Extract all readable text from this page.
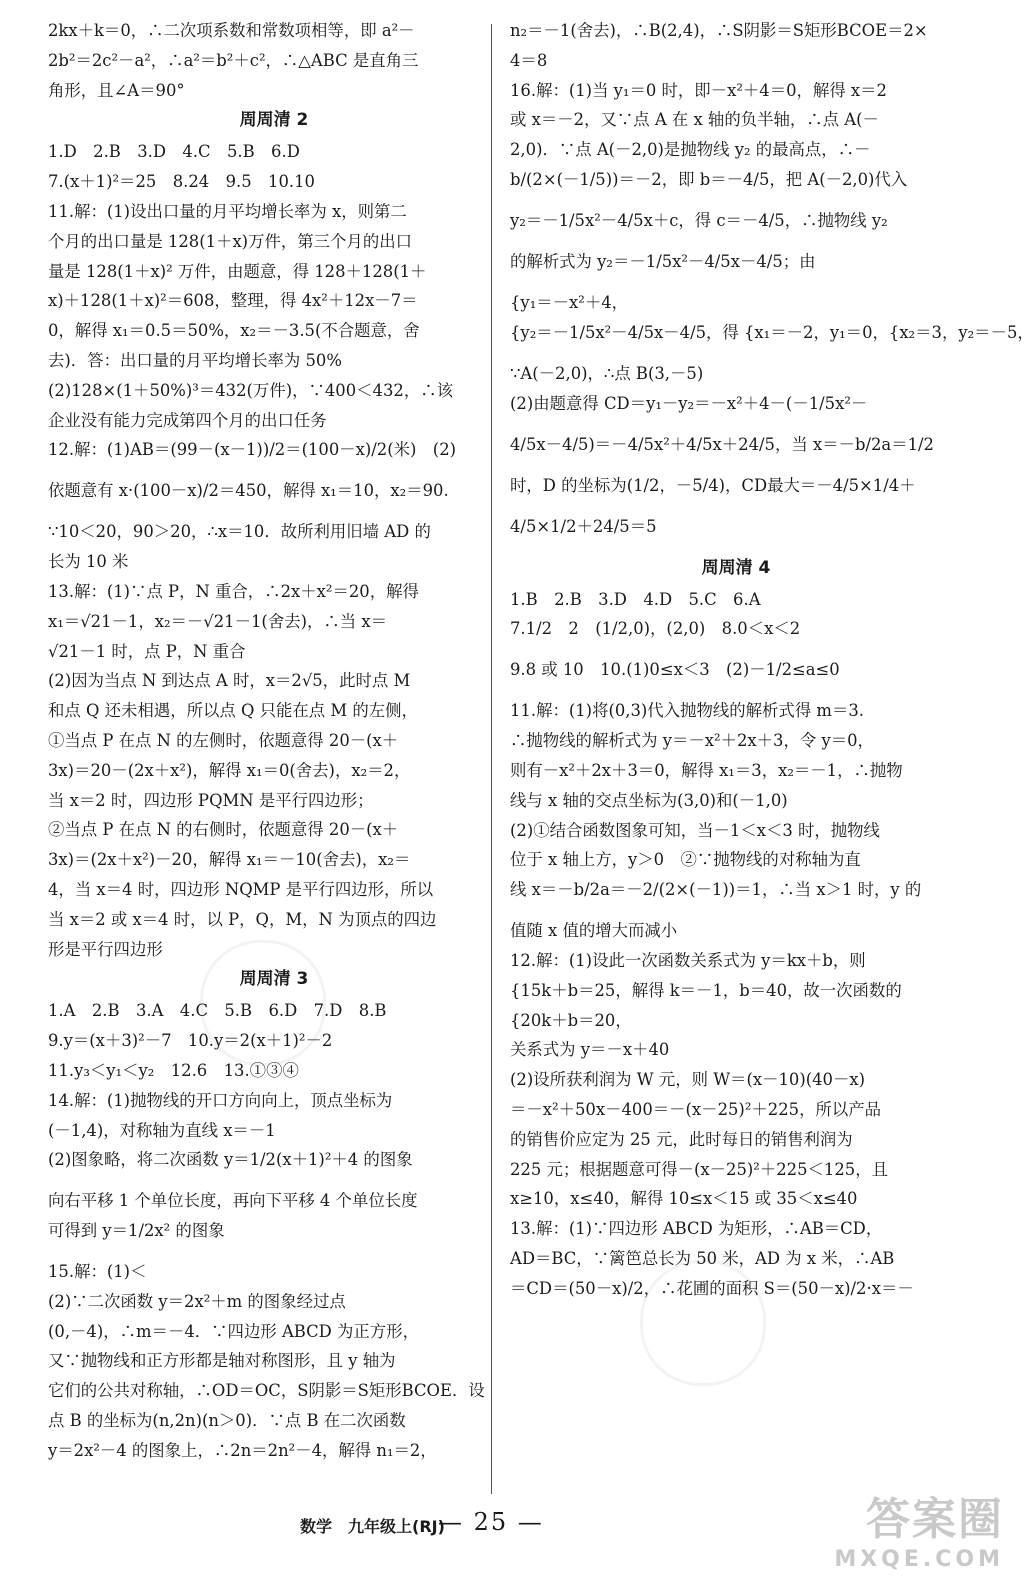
2kx＋k＝0，∴二次项系数和常数项相等，即 a²－
2b²＝2c²－a²，∴a²＝b²＋c²，∴△ABC 是直角三
角形，且∠A＝90°
周周清 2
1.D　2.B　3.D　4.C　5.B　6.D
7.(x＋1)²＝25　8.24　9.5　10.10
11.解：(1)设出口量的月平均增长率为 x，则第二
个月的出口量是 128(1＋x)万件，第三个月的出口
量是 128(1＋x)² 万件，由题意，得 128＋128(1＋
x)＋128(1＋x)²＝608，整理，得 4x²＋12x－7＝
0，解得 x₁＝0.5＝50%，x₂＝－3.5(不合题意，舍
去)．答：出口量的月平均增长率为 50%
(2)128×(1＋50%)³＝432(万件)，∵400＜432，∴该
企业没有能力完成第四个月的出口任务
12.解：(1)AB＝(99－(x－1))/2＝(100－x)/2(米)　(2)
依题意有 x·(100－x)/2＝450，解得 x₁＝10，x₂＝90.
∵10＜20，90＞20，∴x＝10．故所利用旧墙 AD 的
长为 10 米
13.解：(1)∵点 P，N 重合，∴2x＋x²＝20，解得
x₁＝√21－1，x₂＝－√21－1(舍去)，∴当 x＝
√21－1 时，点 P，N 重合
(2)因为当点 N 到达点 A 时，x＝2√5，此时点 M
和点 Q 还未相遇，所以点 Q 只能在点 M 的左侧，
①当点 P 在点 N 的左侧时，依题意得 20－(x＋
3x)＝20－(2x＋x²)，解得 x₁＝0(舍去)，x₂＝2，
当 x＝2 时，四边形 PQMN 是平行四边形；
②当点 P 在点 N 的右侧时，依题意得 20－(x＋
3x)＝(2x＋x²)－20，解得 x₁＝－10(舍去)，x₂＝
4，当 x＝4 时，四边形 NQMP 是平行四边形，所以
当 x＝2 或 x＝4 时，以 P，Q，M，N 为顶点的四边
形是平行四边形
周周清 3
1.A　2.B　3.A　4.C　5.B　6.D　7.D　8.B
9.y＝(x＋3)²－7　10.y＝2(x＋1)²－2
11.y₃＜y₁＜y₂　12.6　13.①③④
14.解：(1)抛物线的开口方向向上，顶点坐标为
(－1,4)，对称轴为直线 x＝－1
(2)图象略，将二次函数 y＝1/2(x＋1)²＋4 的图象
向右平移 1 个单位长度，再向下平移 4 个单位长度
可得到 y＝1/2x² 的图象
15.解：(1)＜
(2)∵二次函数 y＝2x²＋m 的图象经过点
(0,－4)，∴m＝－4．∵四边形 ABCD 为正方形，
又∵抛物线和正方形都是轴对称图形，且 y 轴为
它们的公共对称轴，∴OD＝OC，S阴影＝S矩形BCOE．设
点 B 的坐标为(n,2n)(n＞0)．∵点 B 在二次函数
y＝2x²－4 的图象上，∴2n＝2n²－4，解得 n₁＝2，
n₂＝－1(舍去)，∴B(2,4)，∴S阴影＝S矩形BCOE＝2×
4＝8
16.解：(1)当 y₁＝0 时，即－x²＋4＝0，解得 x＝2
或 x＝－2，又∵点 A 在 x 轴的负半轴，∴点 A(－
2,0)．∵点 A(－2,0)是抛物线 y₂ 的最高点，∴－
b/(2×(－1/5))＝－2，即 b＝－4/5，把 A(－2,0)代入
y₂＝－1/5x²－4/5x＋c，得 c＝－4/5，∴抛物线 y₂
的解析式为 y₂＝－1/5x²－4/5x－4/5；由
{y₁＝－x²＋4，
{y₂＝－1/5x²－4/5x－4/5，得 {x₁＝－2，y₁＝0，{x₂＝3，y₂＝－5，
∵A(－2,0)，∴点 B(3,－5)
(2)由题意得 CD＝y₁－y₂＝－x²＋4－(－1/5x²－
4/5x－4/5)＝－4/5x²＋4/5x＋24/5，当 x＝－b/2a＝1/2
时，D 的坐标为(1/2，－5/4)，CD最大＝－4/5×1/4＋
4/5×1/2＋24/5＝5
周周清 4
1.B　2.B　3.D　4.D　5.C　6.A
7.1/2　2　(1/2,0)，(2,0)　8.0＜x＜2
9.8 或 10　10.(1)0≤x＜3　(2)－1/2≤a≤0
11.解：(1)将(0,3)代入抛物线的解析式得 m＝3.
∴抛物线的解析式为 y＝－x²＋2x＋3，令 y＝0，
则有－x²＋2x＋3＝0，解得 x₁＝3，x₂＝－1，∴抛物
线与 x 轴的交点坐标为(3,0)和(－1,0)
(2)①结合函数图象可知，当－1＜x＜3 时，抛物线
位于 x 轴上方，y＞0　②∵抛物线的对称轴为直
线 x＝－b/2a＝－2/(2×(－1))＝1，∴当 x＞1 时，y 的
值随 x 值的增大而减小
12.解：(1)设此一次函数关系式为 y＝kx＋b，则
{15k＋b＝25，解得 k＝－1，b＝40，故一次函数的
{20k＋b＝20，
关系式为 y＝－x＋40
(2)设所获利润为 W 元，则 W＝(x－10)(40－x)
＝－x²＋50x－400＝－(x－25)²＋225，所以产品
的销售价应定为 25 元，此时每日的销售利润为
225 元；根据题意可得－(x－25)²＋225＜125，且
x≥10，x≤40，解得 10≤x＜15 或 35＜x≤40
13.解：(1)∵四边形 ABCD 为矩形，∴AB＝CD，
AD＝BC，∵篱笆总长为 50 米，AD 为 x 米，∴AB
＝CD＝(50－x)/2，∴花圃的面积 S＝(50－x)/2·x＝－
数学　九年级上(RJ)
— 25 —	答案圈
MXQE.COM
